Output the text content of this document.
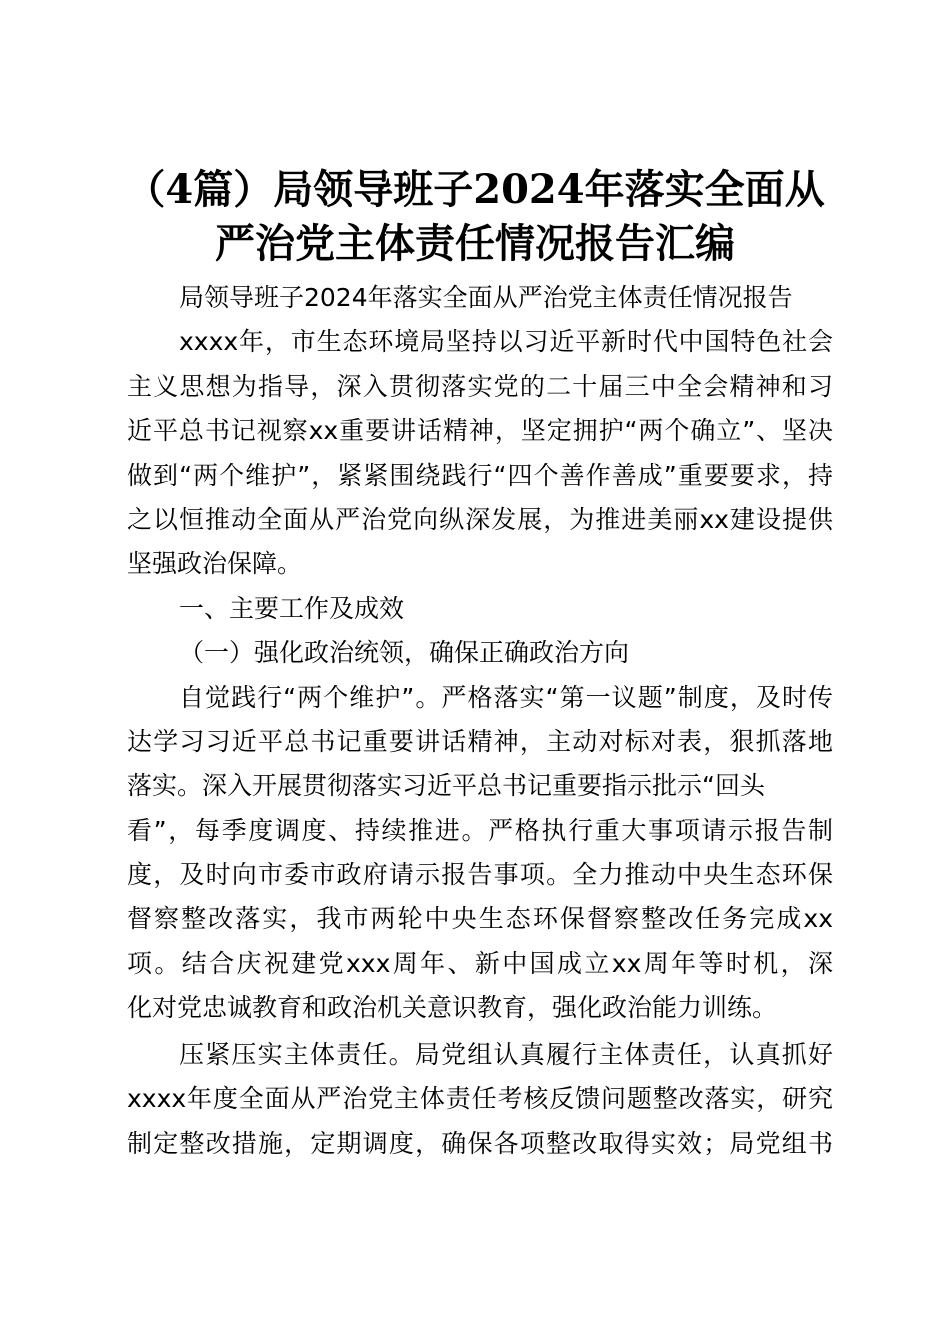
（4篇）局领导班子2024年落实全面从
严治党主体责任情况报告汇编
局领导班子2024年落实全面从严治党主体责任情况报告
xxxx年，市生态环境局坚持以习近平新时代中国特色社会
主义思想为指导，深入贯彻落实党的二十届三中全会精神和习
近平总书记视察xx重要讲话精神，坚定拥护“两个确立”、坚决
做到“两个维护”，紧紧围绕践行“四个善作善成”重要要求，持
之以恒推动全面从严治党向纵深发展，为推进美丽xx建设提供
坚强政治保障。
一、主要工作及成效
（一）强化政治统领，确保正确政治方向
自觉践行“两个维护”。严格落实“第一议题”制度，及时传
达学习习近平总书记重要讲话精神，主动对标对表，狠抓落地
落实。深入开展贯彻落实习近平总书记重要指示批示“回头
看”，每季度调度、持续推进。严格执行重大事项请示报告制
度，及时向市委市政府请示报告事项。全力推动中央生态环保
督察整改落实，我市两轮中央生态环保督察整改任务完成xx
项。结合庆祝建党xxx周年、新中国成立xx周年等时机，深
化对党忠诚教育和政治机关意识教育，强化政治能力训练。
压紧压实主体责任。局党组认真履行主体责任，认真抓好
xxxx年度全面从严治党主体责任考核反馈问题整改落实，研究
制定整改措施，定期调度，确保各项整改取得实效；局党组书
